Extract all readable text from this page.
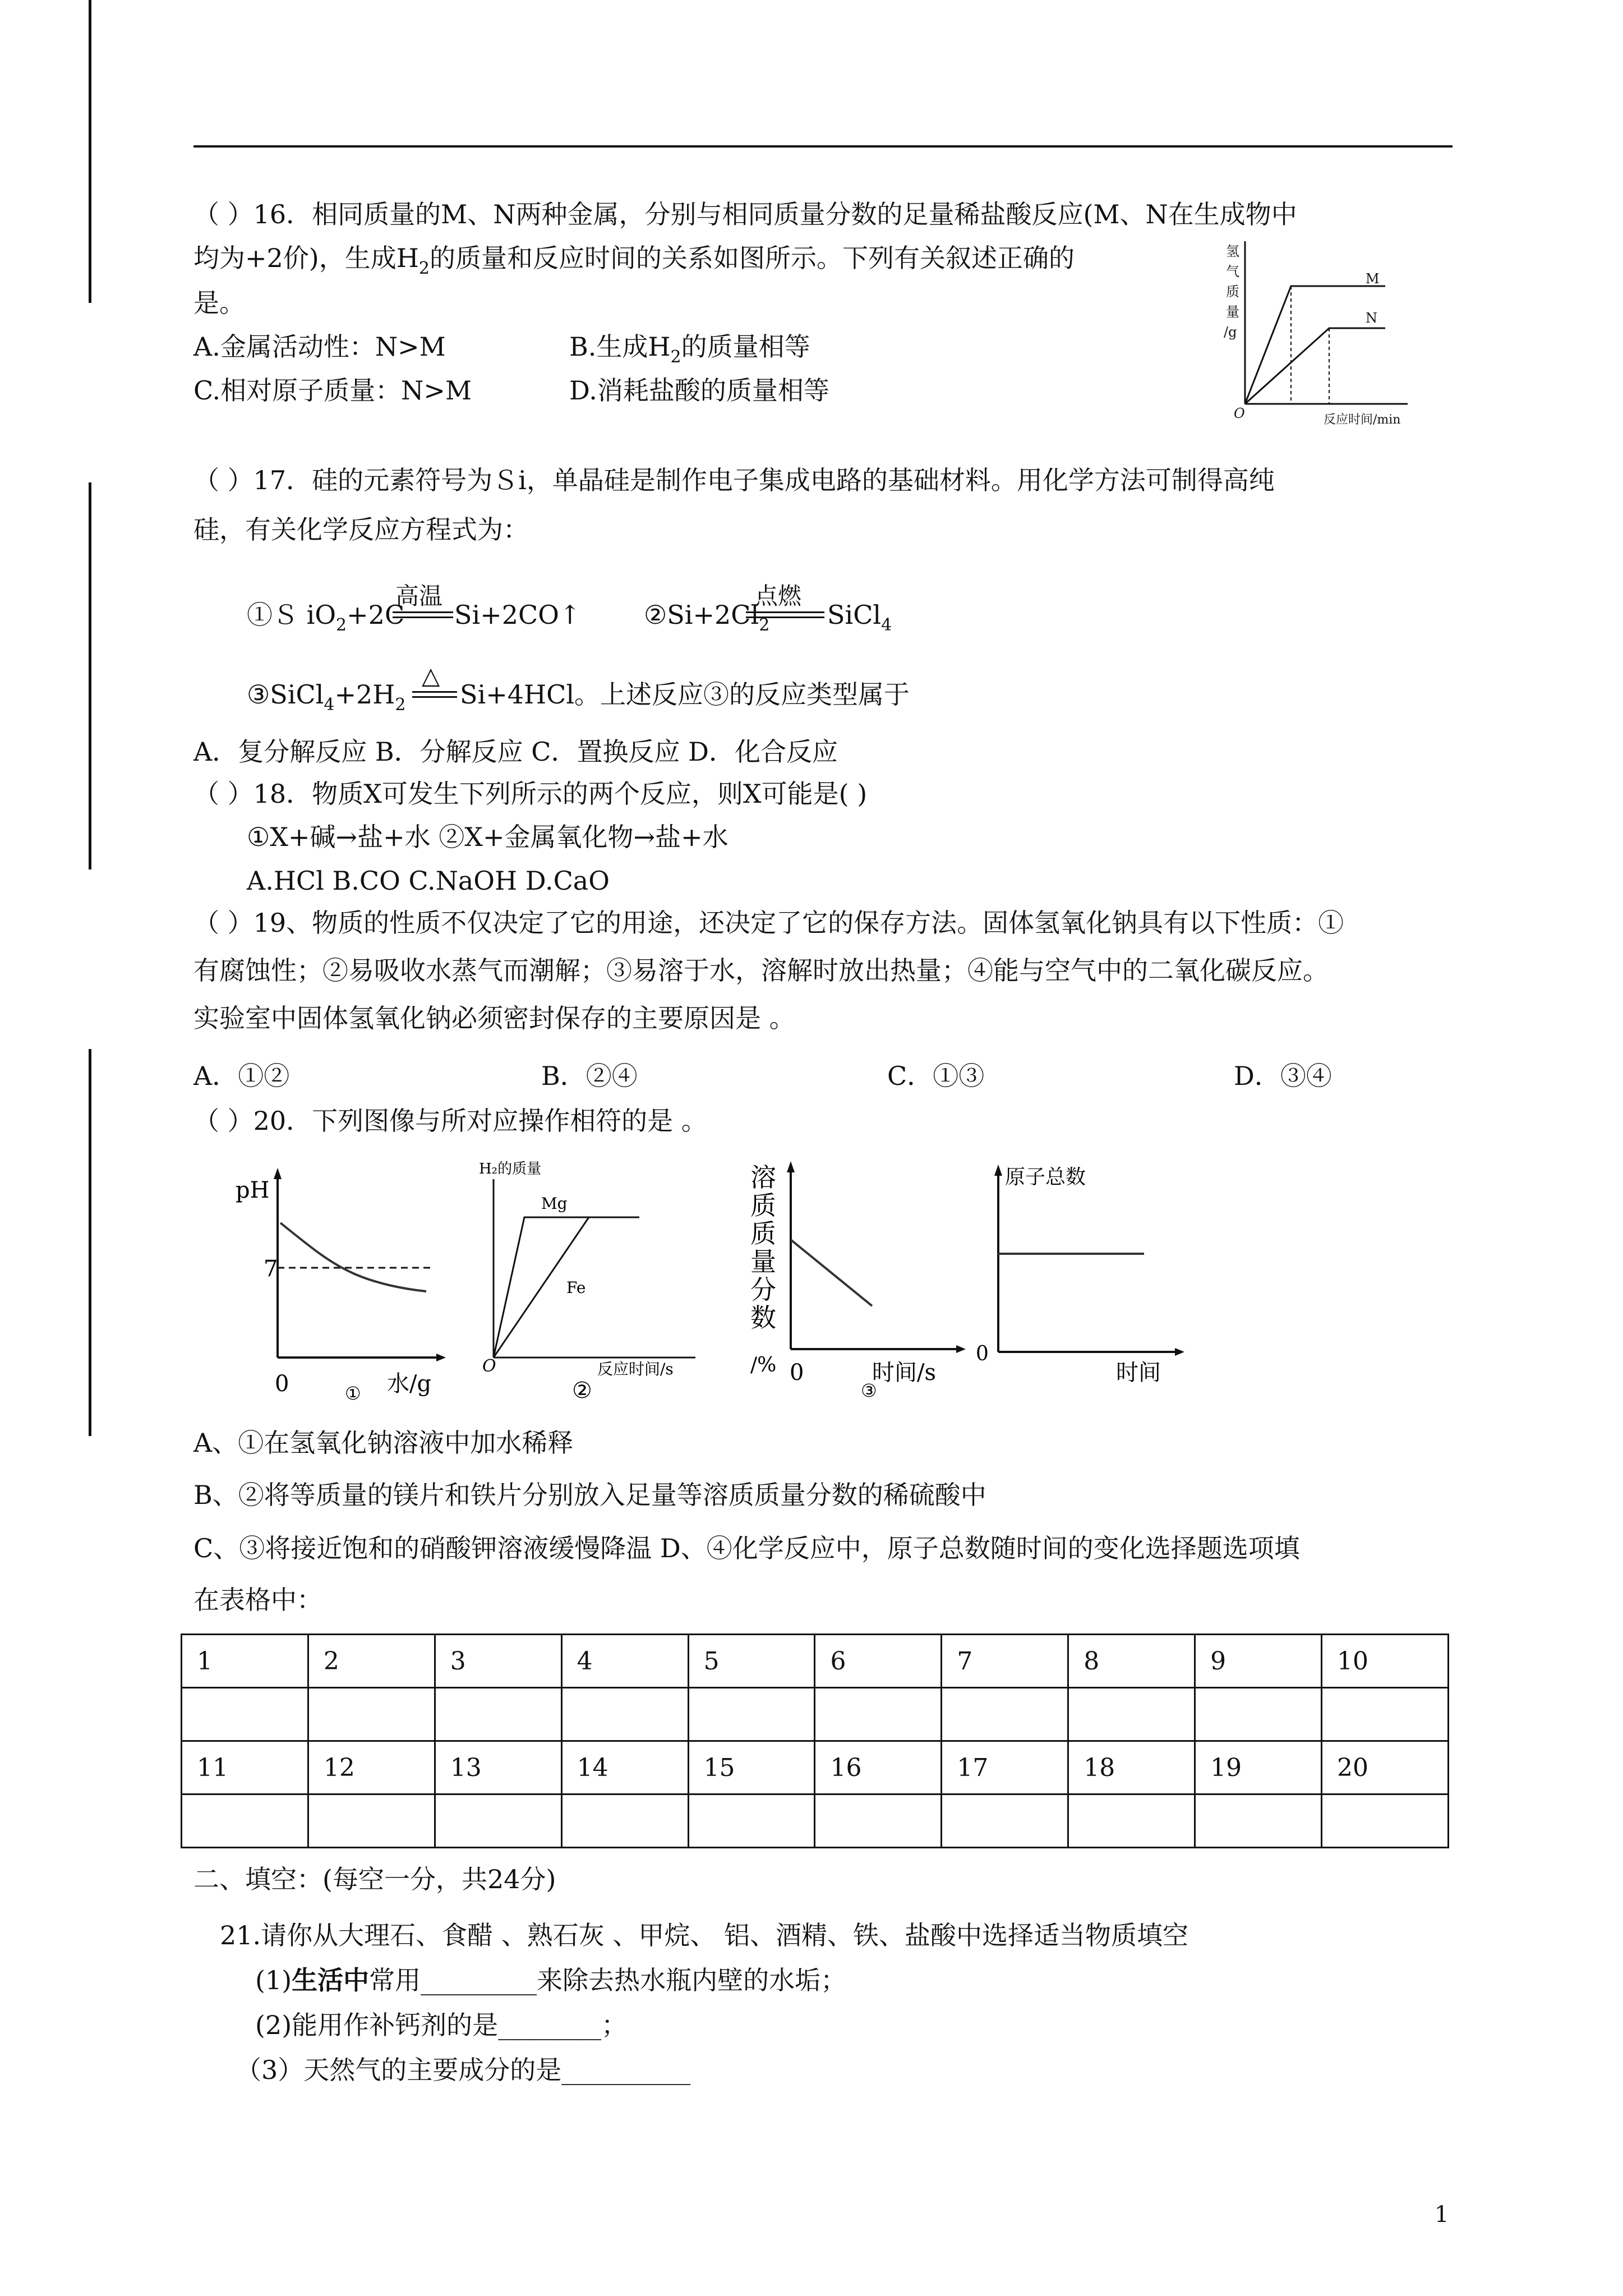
（ ）16．相同质量的M、N两种金属，分别与相同质量分数的足量稀盐酸反应(M、N在生成物中
均为+2价)，生成$H_2$的质量和反应时间的关系如图所示。下列有关叙述正确的
是。
A.金属活动性：N>M	B.生成$H_2$的质量相等
C.相对原子质量：N>M	D.消耗盐酸的质量相等
氢
气
质
量
/g
O	反应时间/min
M
N
（ ）17．硅的元素符号为Ｓi，单晶硅是制作电子集成电路的基础材料。用化学方法可制得高纯
硅，有关化学反应方程式为：
①Ｓ $iO_2+2C$
高温
Si+2CO↑ $②Si+2Cl_2$
点燃
SiCl$_4$
$③SiCl_4+2H_2$
△
Si+4HCl。上述反应③的反应类型属于
A．复分解反应 B．分解反应 C．置换反应 D．化合反应
（ ）18．物质X可发生下列所示的两个反应，则X可能是( )
①X+碱→盐+水 ②X+金属氧化物→盐+水
A.HCl B.CO C.NaOH D.CaO
（ ）19、物质的性质不仅决定了它的用途，还决定了它的保存方法。固体氢氧化钠具有以下性质：①
有腐蚀性；②易吸收水蒸气而潮解；③易溶于水，溶解时放出热量；④能与空气中的二氧化碳反应。
实验室中固体氢氧化钠必须密封保存的主要原因是 。
A．①②	B．②④	C．①③	D．③④
（ ）20．下列图像与所对应操作相符的是 。
pH
7
0	水/g
①
H₂的质量
Mg
Fe
O	反应时间/s
②
溶
质
质
量
分
数
/% 0	时间/s
③
原子总数
0
时间
A、①在氢氧化钠溶液中加水稀释
B、②将等质量的镁片和铁片分别放入足量等溶质质量分数的稀硫酸中
C、③将接近饱和的硝酸钾溶液缓慢降温 D、④化学反应中，原子总数随时间的变化选择题选项填
在表格中：
1	2	3	4	5	6	7	8	9	10

11	12	13	14	15	16	17	18	19	20

二、填空：(每空一分，共24分)
21.请你从大理石、食醋 、熟石灰 、甲烷、 铝、酒精、铁、盐酸中选择适当物质填空
(1)生活中常用_________来除去热水瓶内壁的水垢；
(2)能用作补钙剂的是________；
（3）天然气的主要成分的是__________
1
